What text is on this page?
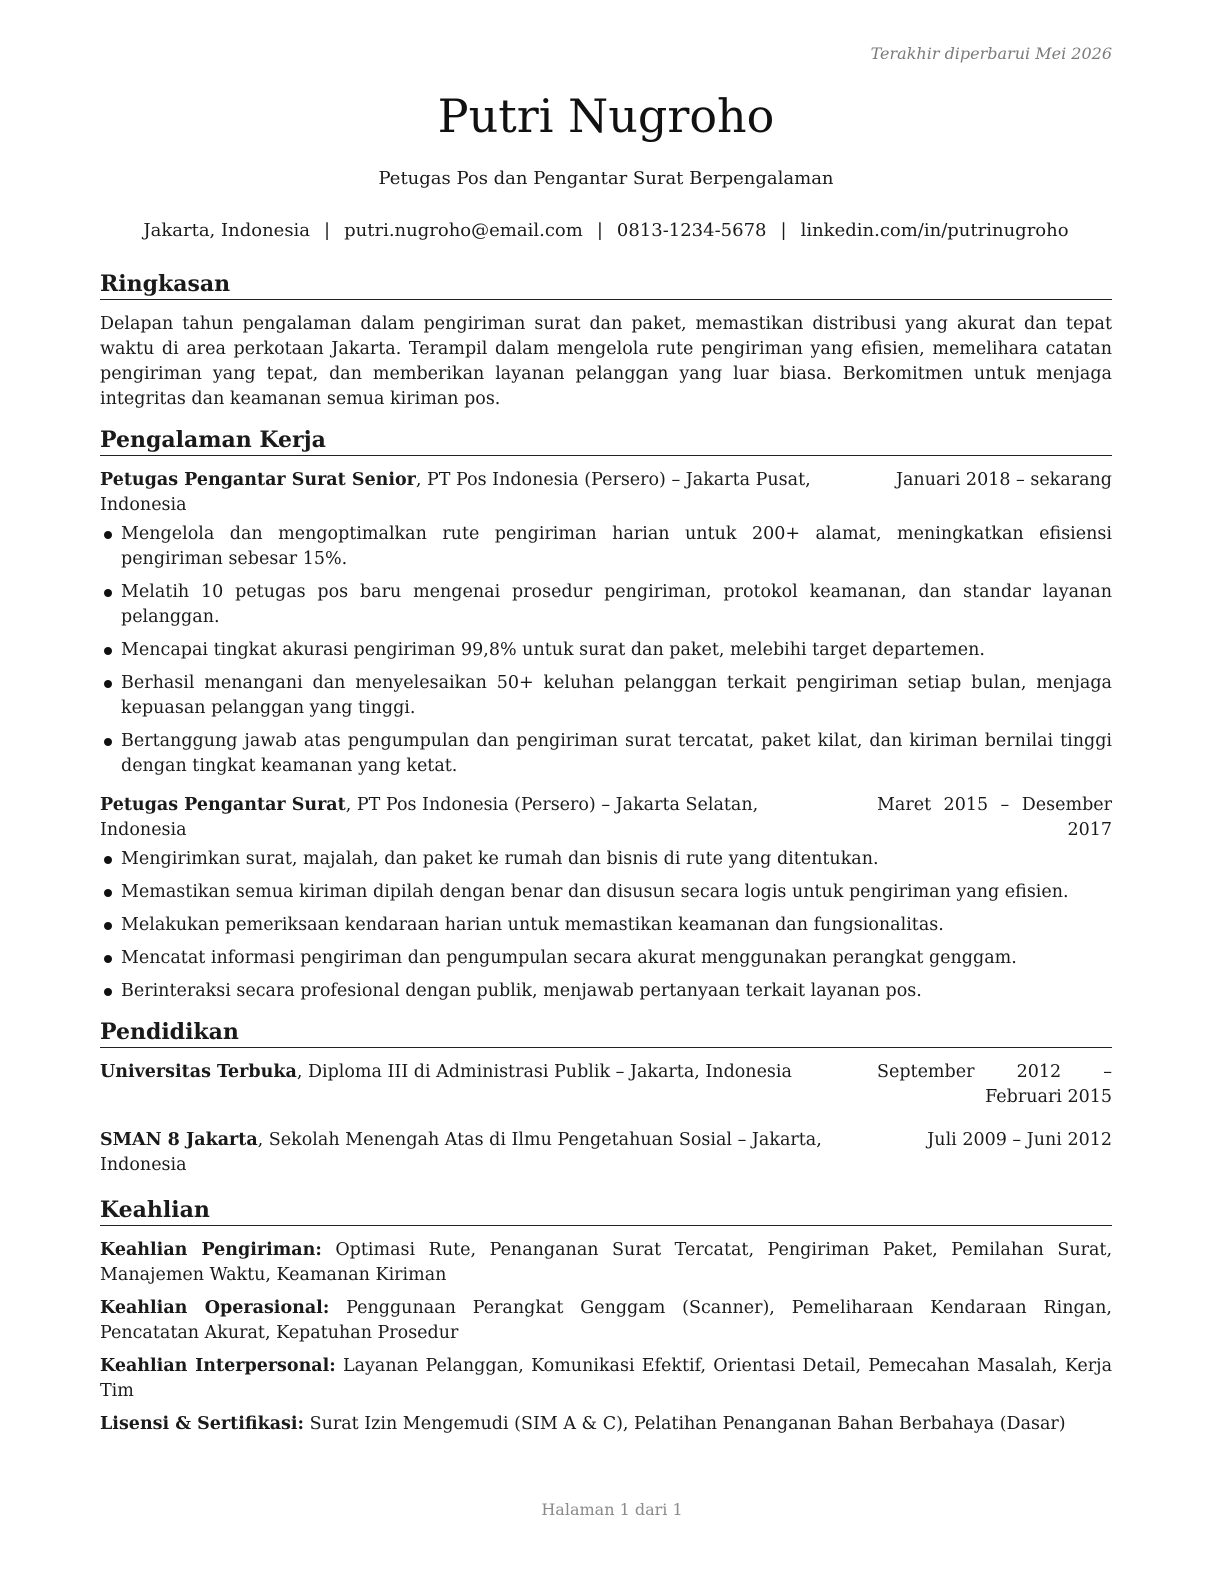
Terakhir diperbarui Mei 2026
Putri Nugroho
Petugas Pos dan Pengantar Surat Berpengalaman
Jakarta, Indonesia | putri.nugroho@email.com | 0813-1234-5678 | linkedin.com/in/putrinugroho
Ringkasan

Delapan tahun pengalaman dalam pengiriman surat dan paket, memastikan distribusi yang akurat dan tepat waktu di area perkotaan Jakarta. Terampil dalam mengelola rute pengiriman yang efisien, memelihara catatan pengiriman yang tepat, dan memberikan layanan pelanggan yang luar biasa. Berkomitmen untuk menjaga integritas dan keamanan semua kiriman pos.

Pengalaman Kerja
Petugas Pengantar Surat Senior, PT Pos Indonesia (Persero) – Jakarta Pusat, Indonesia
Januari 2018 – sekarang
Mengelola dan mengoptimalkan rute pengiriman harian untuk 200+ alamat, meningkatkan efisiensi pengiriman sebesar 15%.
Melatih 10 petugas pos baru mengenai prosedur pengiriman, protokol keamanan, dan standar layanan pelanggan.
Mencapai tingkat akurasi pengiriman 99,8% untuk surat dan paket, melebihi target departemen.
Berhasil menangani dan menyelesaikan 50+ keluhan pelanggan terkait pengiriman setiap bulan, menjaga kepuasan pelanggan yang tinggi.
Bertanggung jawab atas pengumpulan dan pengiriman surat tercatat, paket kilat, dan kiriman bernilai tinggi dengan tingkat keamanan yang ketat.
Petugas Pengantar Surat, PT Pos Indonesia (Persero) – Jakarta Selatan, Indonesia
Maret 2015 – Desember 2017
Mengirimkan surat, majalah, dan paket ke rumah dan bisnis di rute yang ditentukan.
Memastikan semua kiriman dipilah dengan benar dan disusun secara logis untuk pengiriman yang efisien.
Melakukan pemeriksaan kendaraan harian untuk memastikan keamanan dan fungsionalitas.
Mencatat informasi pengiriman dan pengumpulan secara akurat menggunakan perangkat genggam.
Berinteraksi secara profesional dengan publik, menjawab pertanyaan terkait layanan pos.
Pendidikan
Universitas Terbuka, Diploma III di Administrasi Publik – Jakarta, Indonesia	September 2012 – Februari 2015
SMAN 8 Jakarta, Sekolah Menengah Atas di Ilmu Pengetahuan Sosial – Jakarta, Indonesia
Juli 2009 – Juni 2012
Keahlian
Keahlian Pengiriman: Optimasi Rute, Penanganan Surat Tercatat, Pengiriman Paket, Pemilahan Surat, Manajemen Waktu, Keamanan Kiriman
Keahlian Operasional: Penggunaan Perangkat Genggam (Scanner), Pemeliharaan Kendaraan Ringan, Pencatatan Akurat, Kepatuhan Prosedur
Keahlian Interpersonal: Layanan Pelanggan, Komunikasi Efektif, Orientasi Detail, Pemecahan Masalah, Kerja Tim
Lisensi & Sertifikasi: Surat Izin Mengemudi (SIM A & C), Pelatihan Penanganan Bahan Berbahaya (Dasar)
Halaman 1 dari 1
